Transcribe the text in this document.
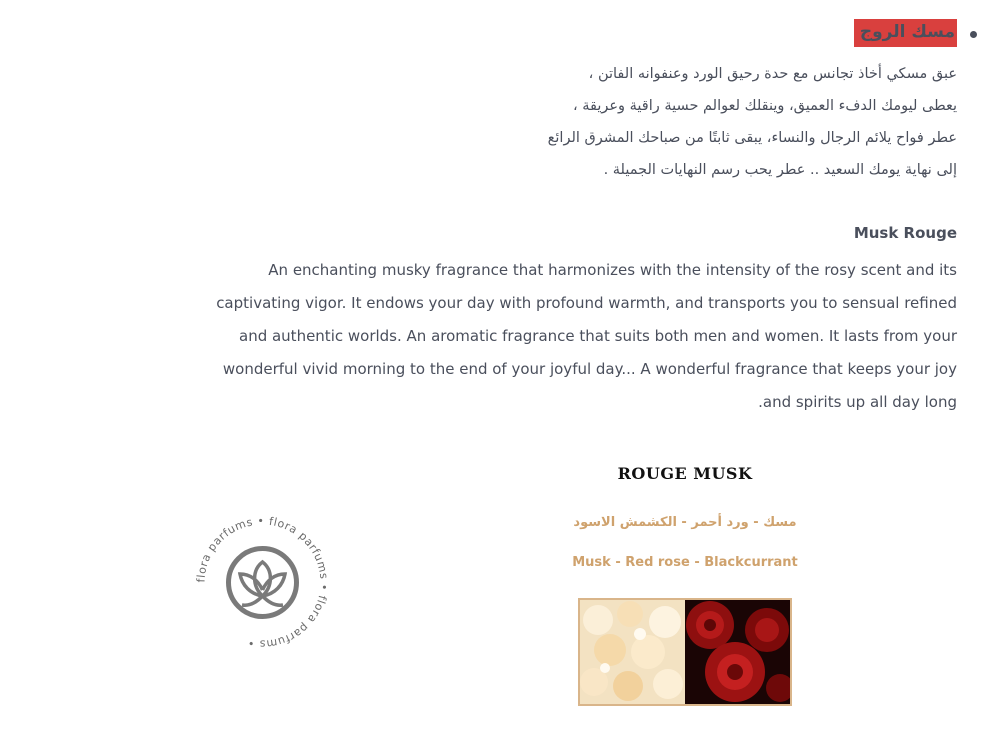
مسك الروج
عبق مسكي أخاذ تجانس مع حدة رحيق الورد وعنفوانه الفاتن ،
يعطى ليومك الدفء العميق، وينقلك لعوالم حسية راقية وعريقة ،
عطر فواح يلائم الرجال والنساء، يبقى ثابتًا من صباحك المشرق الرائع
إلى نهاية يومك السعيد .. عطر يحب رسم النهايات الجميلة .
Musk Rouge
An enchanting musky fragrance that harmonizes with the intensity of the rosy scent and its
captivating vigor. It endows your day with profound warmth, and transports you to sensual refined
and authentic worlds. An aromatic fragrance that suits both men and women. It lasts from your
wonderful vivid morning to the end of your joyful day... A wonderful fragrance that keeps your joy
.and spirits up all day long
flora parfums • flora parfums • flora parfums •
ROUGE MUSK
مسك - ورد أحمر - الكشمش الاسود
Musk - Red rose - Blackcurrant
